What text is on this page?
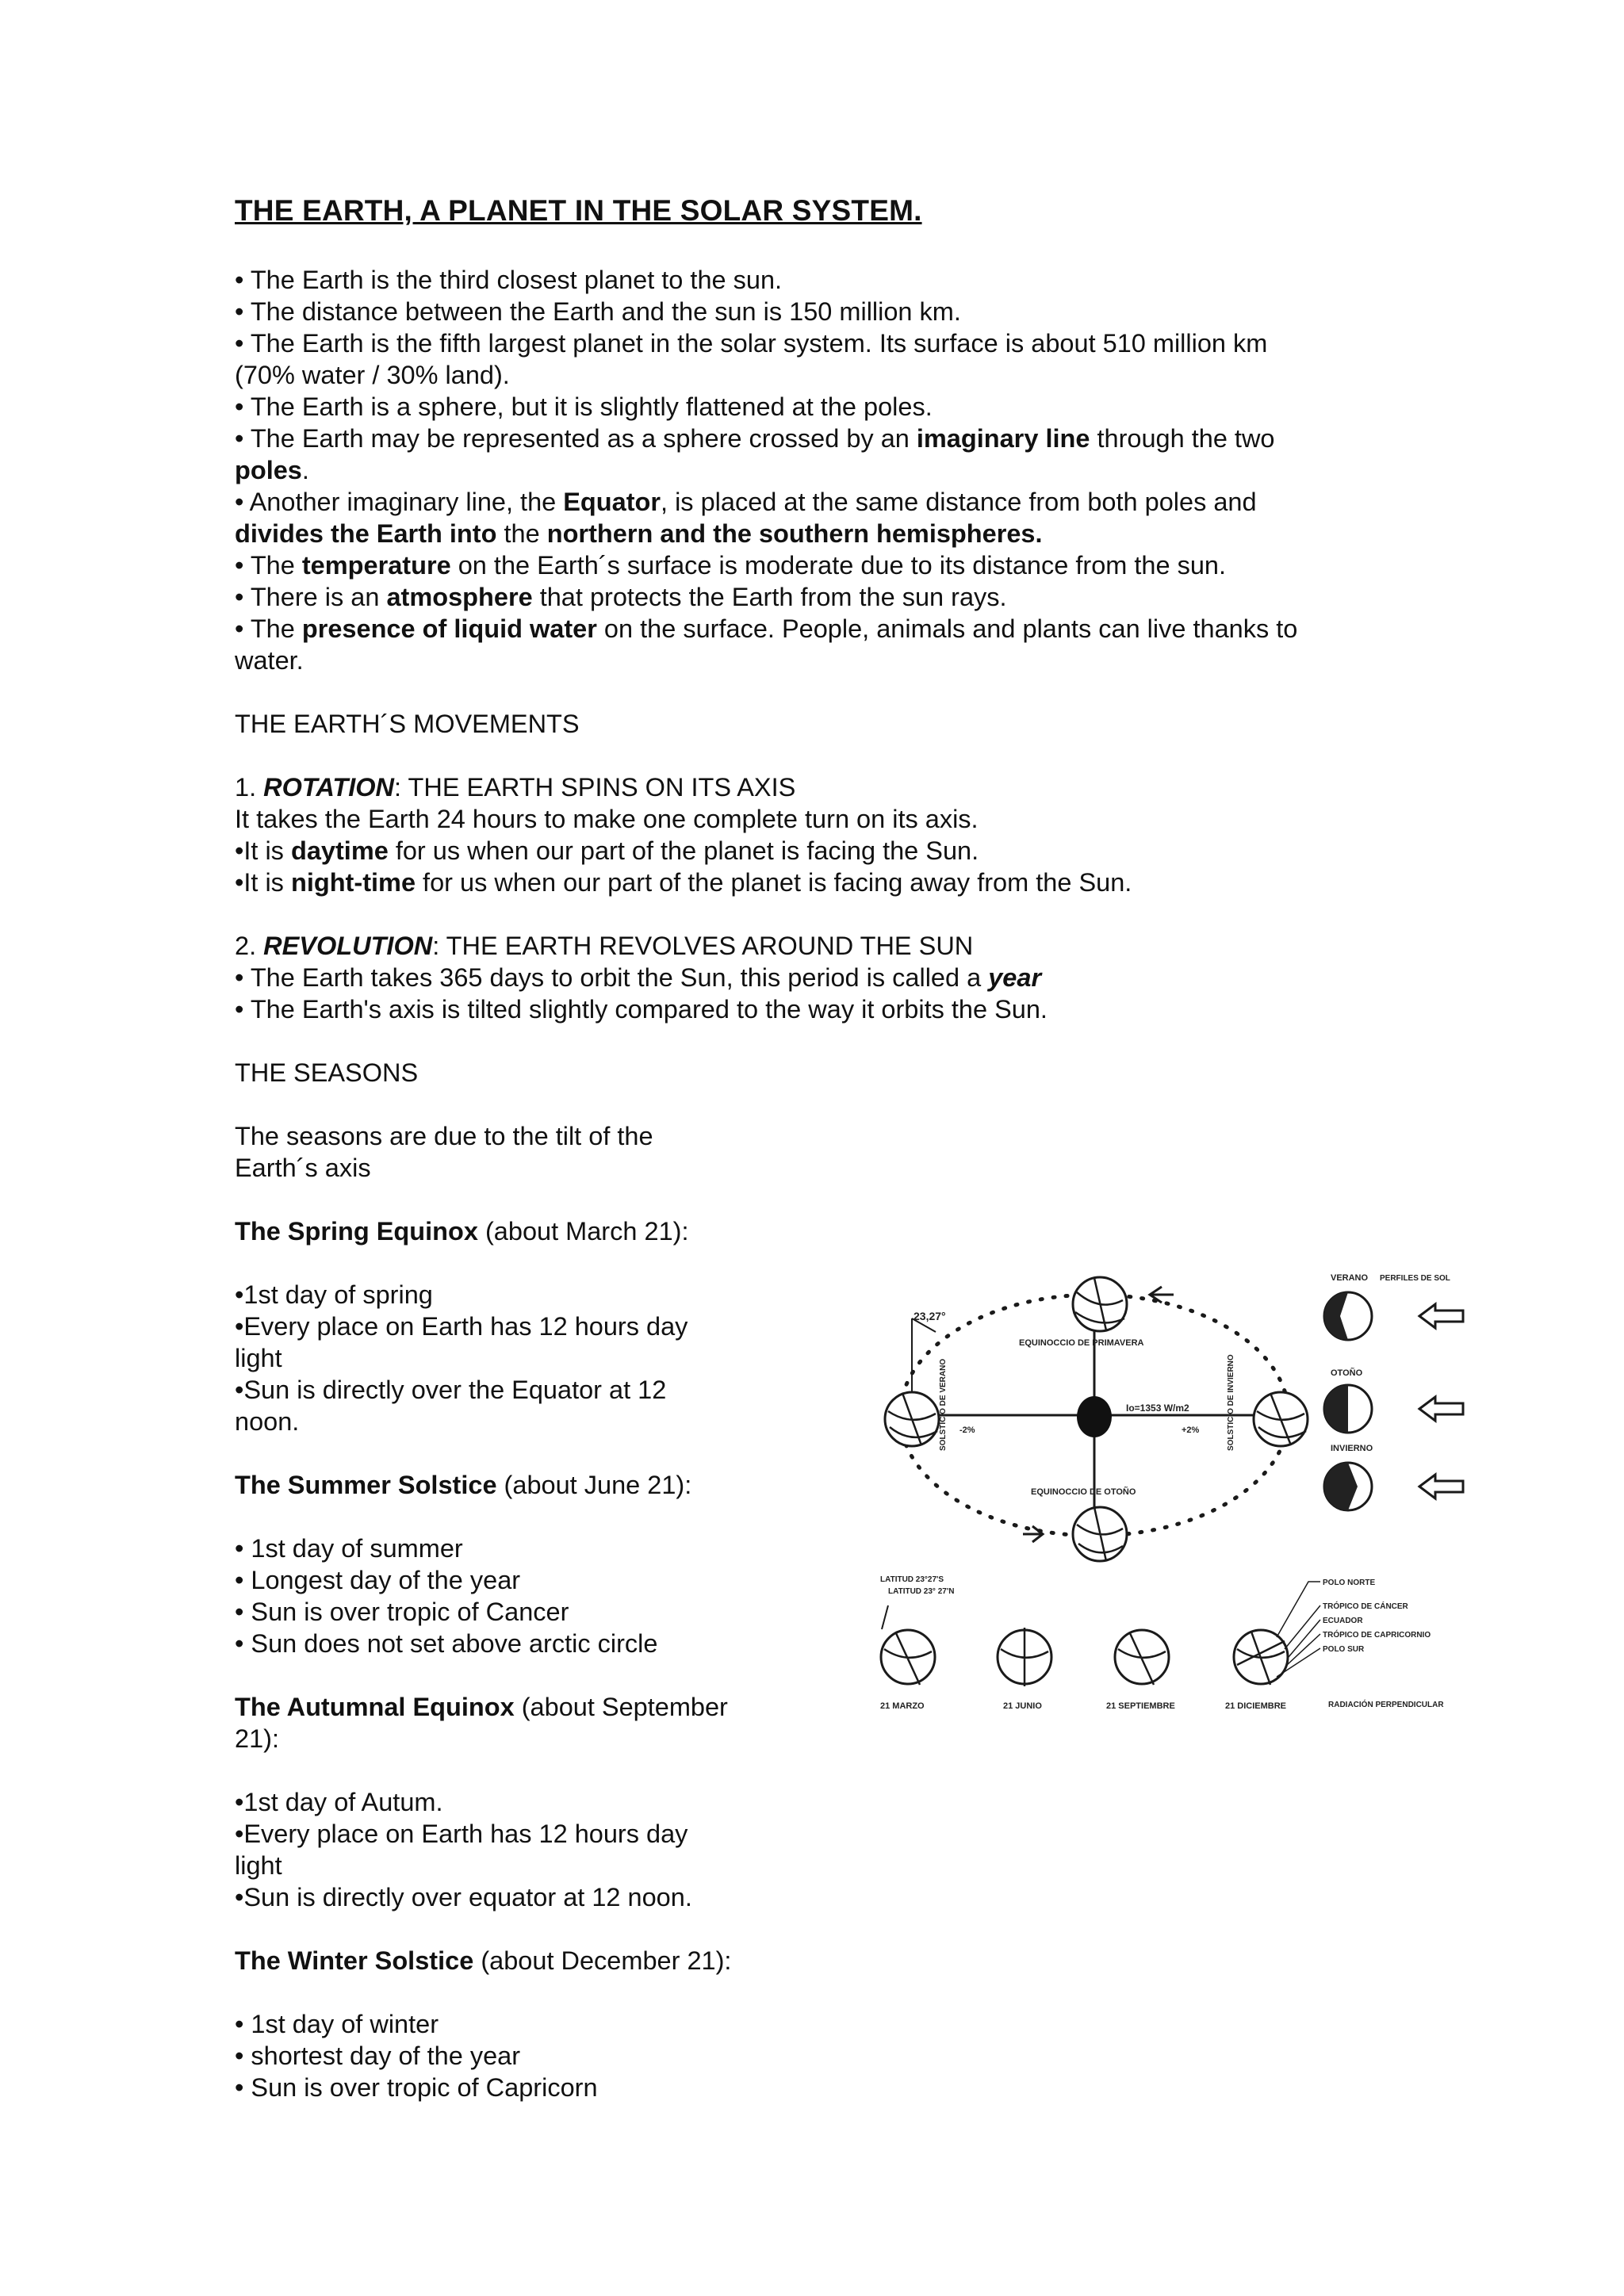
THE EARTH, A PLANET IN THE SOLAR SYSTEM.

• The Earth is the third closest planet to the sun.

• The distance between the Earth and the sun is 150 million km.

• The Earth is the fifth largest planet in the solar system. Its surface is about 510 million km

(70% water / 30% land).

• The Earth is a sphere, but it is slightly flattened at the poles.

• The Earth may be represented as a sphere crossed by an imaginary line through the two

poles.

• Another imaginary line, the Equator, is placed at the same distance from both poles and

divides the Earth into the northern and the southern hemispheres.

• The temperature on the Earth´s surface is moderate due to its distance from the sun.

• There is an atmosphere that protects the Earth from the sun rays.

• The presence of liquid water on the surface. People, animals and plants can live thanks to

water.

THE EARTH´S MOVEMENTS

1. ROTATION: THE EARTH SPINS ON ITS AXIS

It takes the Earth 24 hours to make one complete turn on its axis.

•It is daytime for us when our part of the planet is facing the Sun.

•It is night-time for us when our part of the planet is facing away from the Sun.

2. REVOLUTION: THE EARTH REVOLVES AROUND THE SUN

• The Earth takes 365 days to orbit the Sun, this period is called a year

• The Earth's axis is tilted slightly compared to the way it orbits the Sun.

THE SEASONS

The seasons are due to the tilt of the

Earth´s axis

The Spring Equinox (about March 21):

•1st day of spring

•Every place on Earth has 12 hours day

light

•Sun is directly over the Equator at 12

noon.

The Summer Solstice (about June 21):

• 1st day of summer

• Longest day of the year

• Sun is over tropic of Cancer

• Sun does not set above arctic circle

The Autumnal Equinox (about September

21):

•1st day of Autum.

•Every place on Earth has 12 hours day

light

•Sun is directly over equator at 12 noon.

The Winter Solstice (about December 21):

• 1st day of winter

• shortest day of the year

• Sun is over tropic of Capricorn

23,27°
EQUINOCCIO DE PRIMAVERA
EQUINOCCIO DE OTOÑO
SOLSTICIO DE VERANO	SOLSTICIO DE INVIERNO
Io=1353 W/m2
-2%	+2%
VERANO PERFILES DE SOL
OTOÑO
INVIERNO
LATITUD 23°27'S
LATITUD 23° 27'N
21 MARZO	21 JUNIO	21 SEPTIEMBRE	21 DICIEMBRE
POLO NORTE
TRÓPICO DE CÁNCER
ECUADOR
TRÓPICO DE CAPRICORNIO
POLO SUR
RADIACIÓN PERPENDICULAR
